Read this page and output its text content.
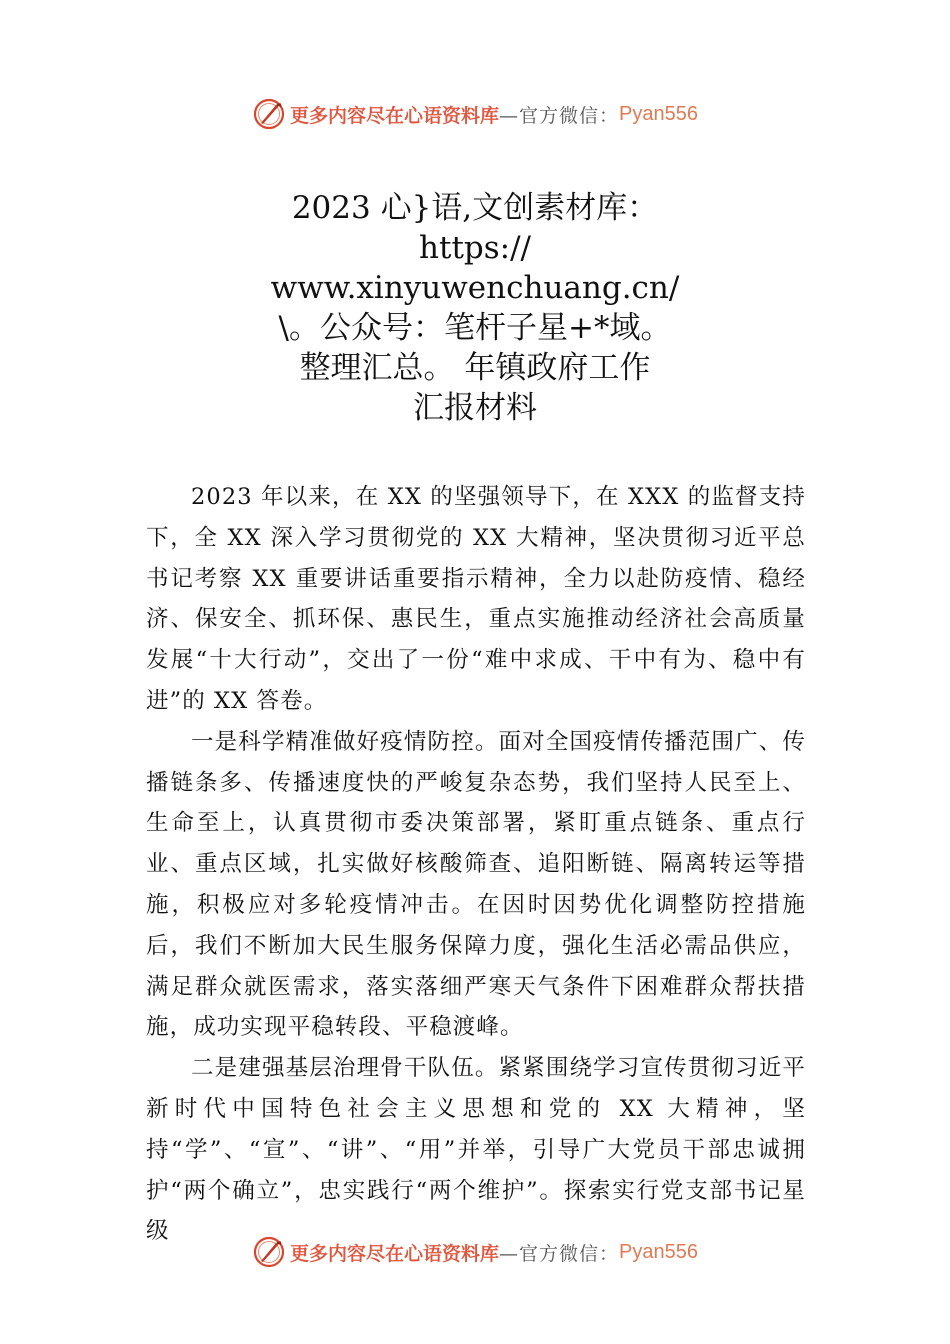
更多内容尽在心语资料库 —官方微信： Pyan556
2023 心}语,文创素材库：
https://
www.xinyuwenchuang.cn/
\。公众号：笔杆子星+*域。
整理汇总。 年镇政府工作
汇报材料

2023 年以来，在 XX 的坚强领导下，在 XXX 的监督支持下，全 XX 深入学习贯彻党的 XX 大精神，坚决贯彻习近平总书记考察 XX 重要讲话重要指示精神，全力以赴防疫情、稳经济、保安全、抓环保、惠民生，重点实施推动经济社会高质量发展“十大行动”，交出了一份“难中求成、干中有为、稳中有进”的 XX 答卷。

一是科学精准做好疫情防控。面对全国疫情传播范围广、传播链条多、传播速度快的严峻复杂态势，我们坚持人民至上、生命至上，认真贯彻市委决策部署，紧盯重点链条、重点行业、重点区域，扎实做好核酸筛查、追阳断链、隔离转运等措施，积极应对多轮疫情冲击。在因时因势优化调整防控措施后，我们不断加大民生服务保障力度，强化生活必需品供应，满足群众就医需求，落实落细严寒天气条件下困难群众帮扶措施，成功实现平稳转段、平稳渡峰。

二是建强基层治理骨干队伍。紧紧围绕学习宣传贯彻习近平新时代中国特色社会主义思想和党的 XX 大精神，坚持“学”、“宣”、“讲”、“用”并举，引导广大党员干部忠诚拥护“两个确立”，忠实践行“两个维护”。探索实行党支部书记星级

更多内容尽在心语资料库 —官方微信： Pyan556
